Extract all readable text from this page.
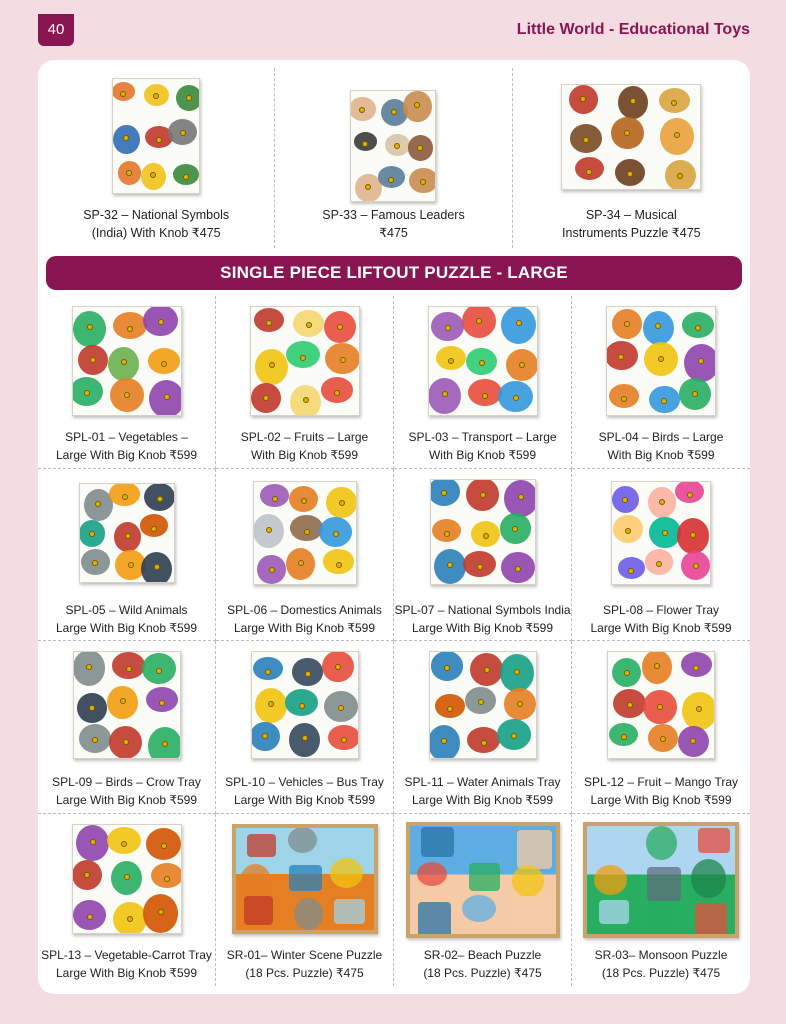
40	Little World - Educational Toys
SP-32 – National Symbols
(India) With Knob ₹475
SP-33 – Famous Leaders
₹475
SP-34 – Musical
Instruments Puzzle ₹475
SINGLE PIECE LIFTOUT PUZZLE - LARGE
SPL-01 – Vegetables –
Large With Big Knob ₹599
SPL-02 – Fruits – Large
With Big Knob ₹599
SPL-03 – Transport – Large
With Big Knob ₹599
SPL-04 – Birds – Large
With Big Knob ₹599
SPL-05 – Wild Animals
Large With Big Knob ₹599
SPL-06 – Domestics Animals
Large With Big Knob ₹599
SPL-07 – National Symbols India
Large With Big Knob ₹599
SPL-08 – Flower Tray
Large With Big Knob ₹599
SPL-09 – Birds – Crow Tray
Large With Big Knob ₹599
SPL-10 – Vehicles – Bus Tray
Large With Big Knob ₹599
SPL-11 – Water Animals Tray
Large With Big Knob ₹599
SPL-12 – Fruit – Mango Tray
Large With Big Knob ₹599
SPL-13 – Vegetable-Carrot Tray
Large With Big Knob ₹599
SR-01– Winter Scene Puzzle
(18 Pcs. Puzzle) ₹475
SR-02– Beach Puzzle
(18 Pcs. Puzzle) ₹475
SR-03– Monsoon Puzzle
(18 Pcs. Puzzle) ₹475
